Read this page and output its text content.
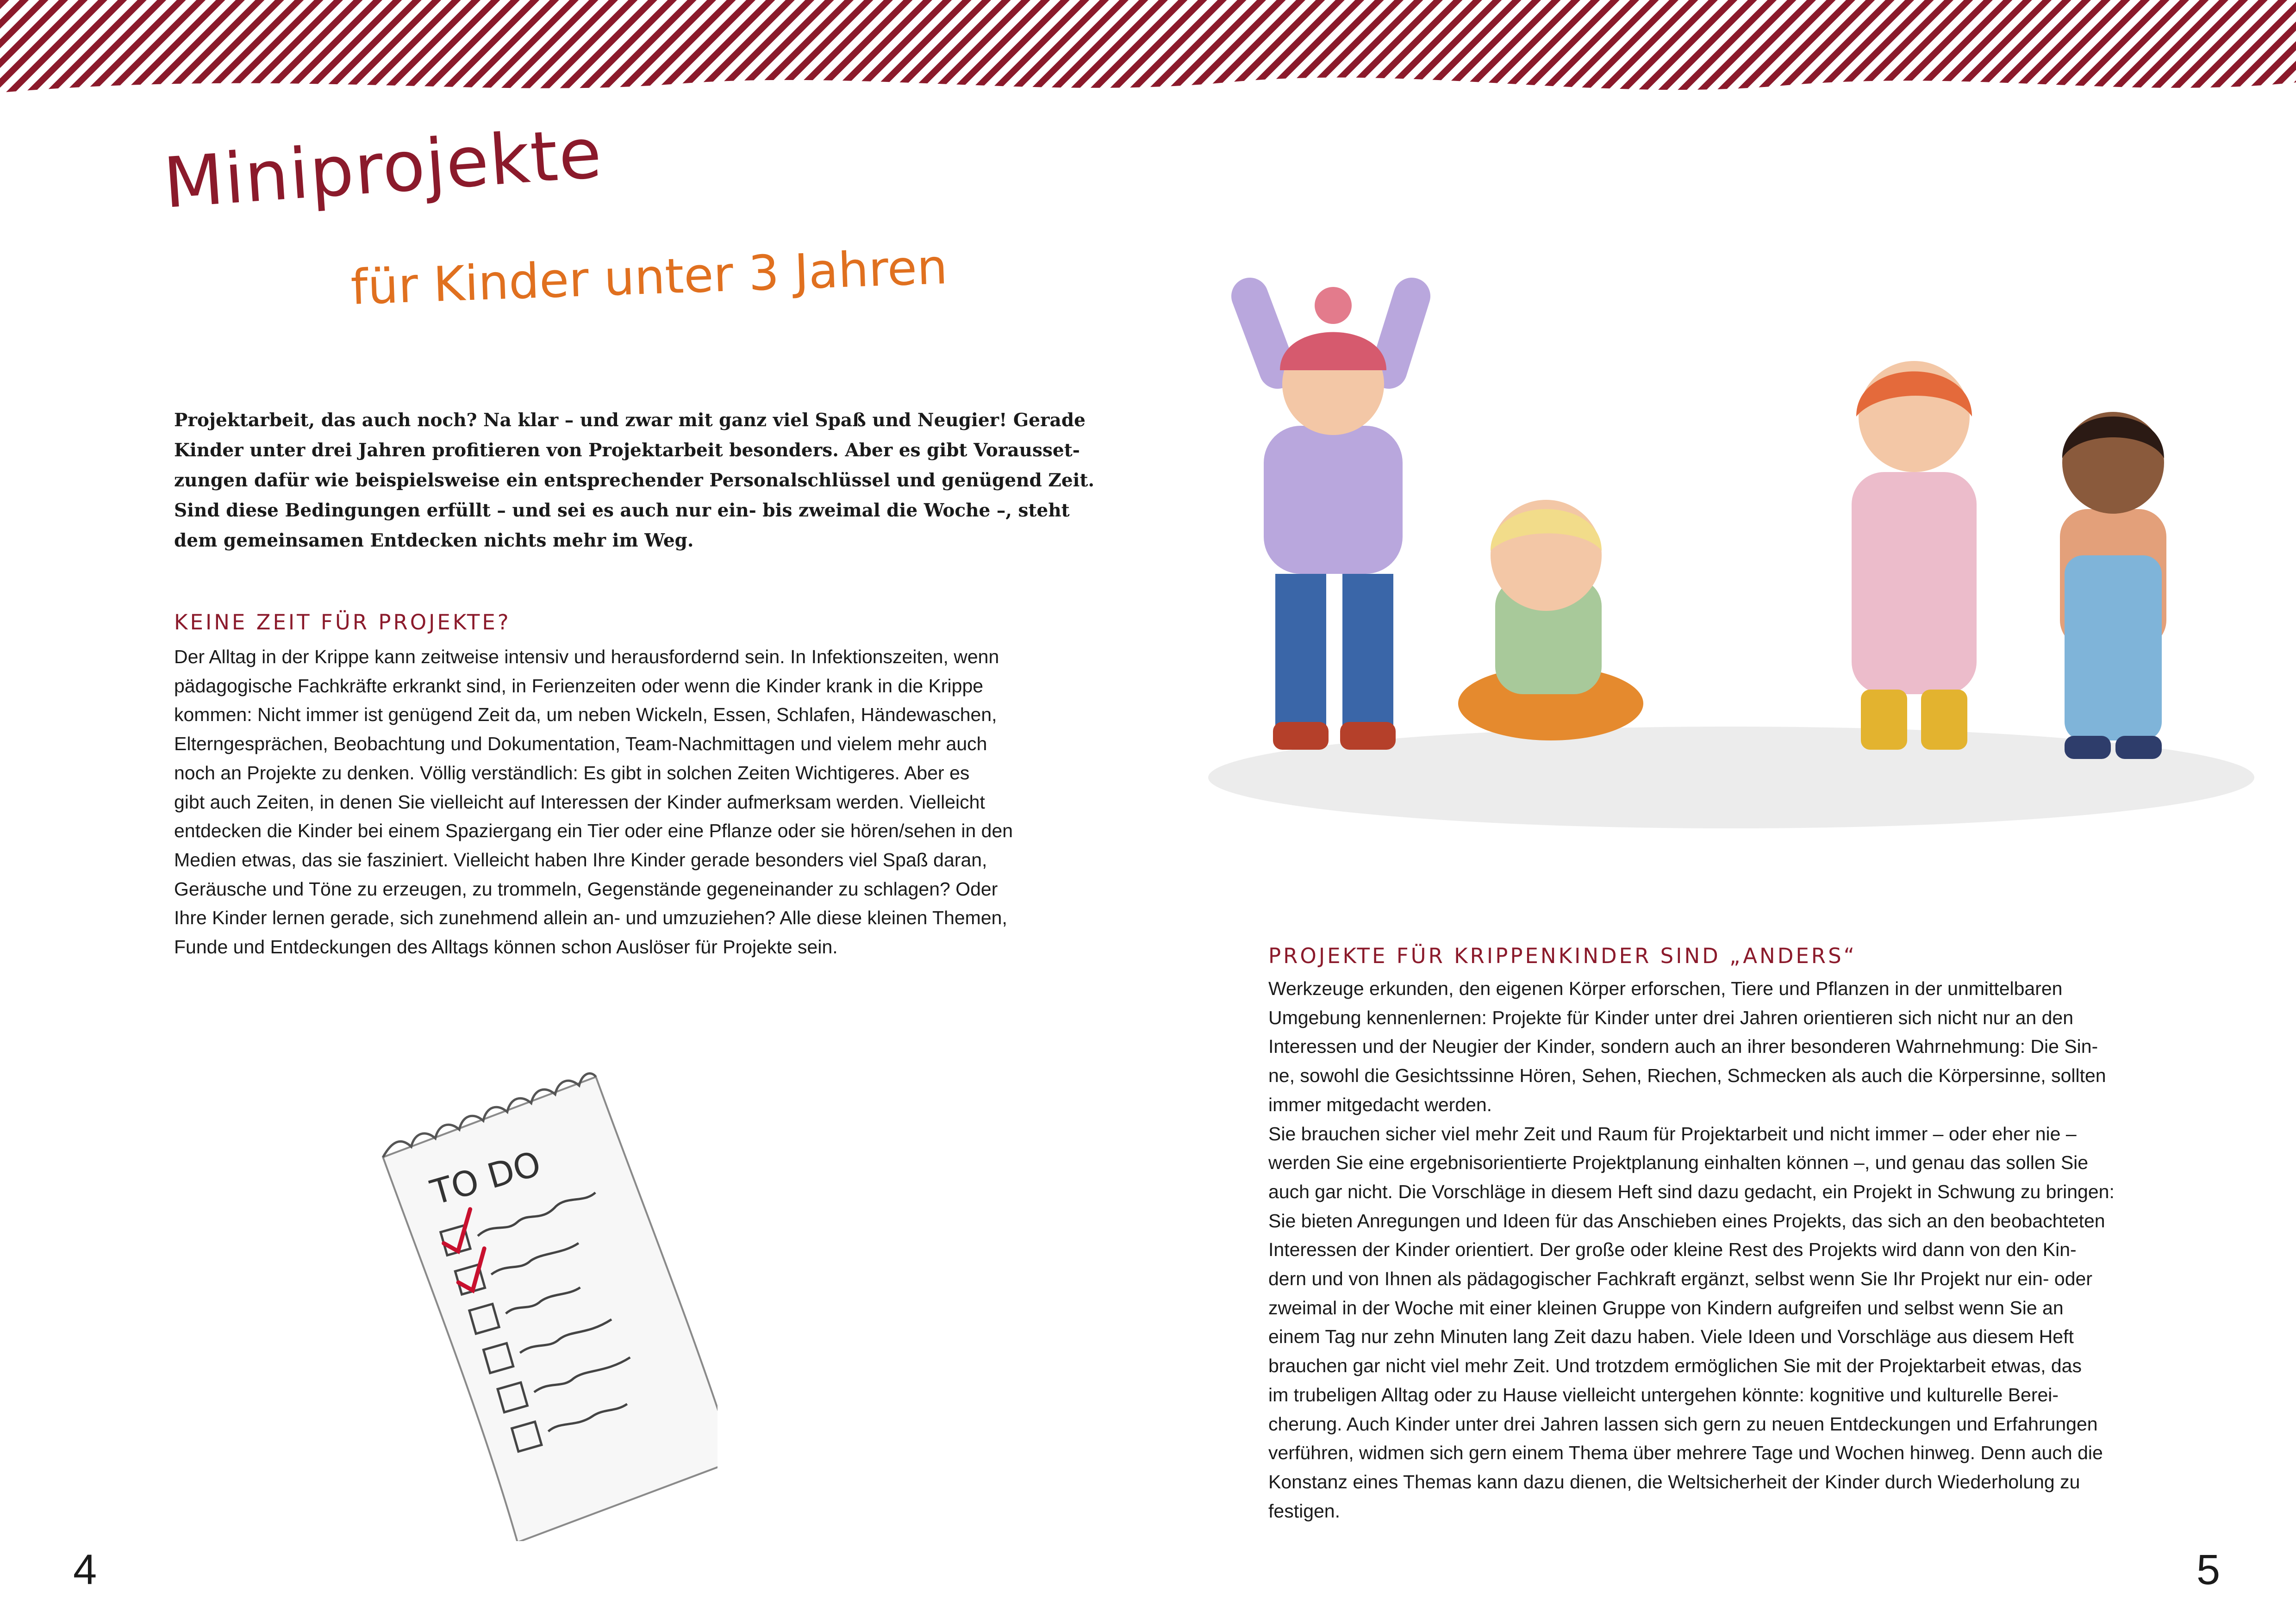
Miniprojekte
für Kinder unter 3 Jahren

Projektarbeit, das auch noch? Na klar – und zwar mit ganz viel Spaß und Neugier! Gerade
Kinder unter drei Jahren profitieren von Projektarbeit besonders. Aber es gibt Vorausset-
zungen dafür wie beispielsweise ein entsprechender Personalschlüssel und genügend Zeit.
Sind diese Bedingungen erfüllt – und sei es auch nur ein- bis zweimal die Woche –, steht
dem gemeinsamen Entdecken nichts mehr im Weg.

KEINE ZEIT FÜR PROJEKTE?

Der Alltag in der Krippe kann zeitweise intensiv und herausfordernd sein. In Infektionszeiten, wenn
pädagogische Fachkräfte erkrankt sind, in Ferienzeiten oder wenn die Kinder krank in die Krippe
kommen: Nicht immer ist genügend Zeit da, um neben Wickeln, Essen, Schlafen, Händewaschen,
Elterngesprächen, Beobachtung und Dokumentation, Team-Nachmittagen und vielem mehr auch
noch an Projekte zu denken. Völlig verständlich: Es gibt in solchen Zeiten Wichtigeres. Aber es
gibt auch Zeiten, in denen Sie vielleicht auf Interessen der Kinder aufmerksam werden. Vielleicht
entdecken die Kinder bei einem Spaziergang ein Tier oder eine Pflanze oder sie hören/sehen in den
Medien etwas, das sie fasziniert. Vielleicht haben Ihre Kinder gerade besonders viel Spaß daran,
Geräusche und Töne zu erzeugen, zu trommeln, Gegenstände gegeneinander zu schlagen? Oder
Ihre Kinder lernen gerade, sich zunehmend allein an- und umzuziehen? Alle diese kleinen Themen,
Funde und Entdeckungen des Alltags können schon Auslöser für Projekte sein.

TO DO
PROJEKTE FÜR KRIPPENKINDER SIND „ANDERS“

Werkzeuge erkunden, den eigenen Körper erforschen, Tiere und Pflanzen in der unmittelbaren
Umgebung kennenlernen: Projekte für Kinder unter drei Jahren orientieren sich nicht nur an den
Interessen und der Neugier der Kinder, sondern auch an ihrer besonderen Wahrnehmung: Die Sin-
ne, sowohl die Gesichtssinne Hören, Sehen, Riechen, Schmecken als auch die Körpersinne, sollten
immer mitgedacht werden.
Sie brauchen sicher viel mehr Zeit und Raum für Projektarbeit und nicht immer – oder eher nie –
werden Sie eine ergebnisorientierte Projektplanung einhalten können –, und genau das sollen Sie
auch gar nicht. Die Vorschläge in diesem Heft sind dazu gedacht, ein Projekt in Schwung zu bringen:
Sie bieten Anregungen und Ideen für das Anschieben eines Projekts, das sich an den beobachteten
Interessen der Kinder orientiert. Der große oder kleine Rest des Projekts wird dann von den Kin-
dern und von Ihnen als pädagogischer Fachkraft ergänzt, selbst wenn Sie Ihr Projekt nur ein- oder
zweimal in der Woche mit einer kleinen Gruppe von Kindern aufgreifen und selbst wenn Sie an
einem Tag nur zehn Minuten lang Zeit dazu haben. Viele Ideen und Vorschläge aus diesem Heft
brauchen gar nicht viel mehr Zeit. Und trotzdem ermöglichen Sie mit der Projektarbeit etwas, das
im trubeligen Alltag oder zu Hause vielleicht untergehen könnte: kognitive und kulturelle Berei-
cherung. Auch Kinder unter drei Jahren lassen sich gern zu neuen Entdeckungen und Erfahrungen
verführen, widmen sich gern einem Thema über mehrere Tage und Wochen hinweg. Denn auch die
Konstanz eines Themas kann dazu dienen, die Weltsicherheit der Kinder durch Wiederholung zu
festigen.

4	5
